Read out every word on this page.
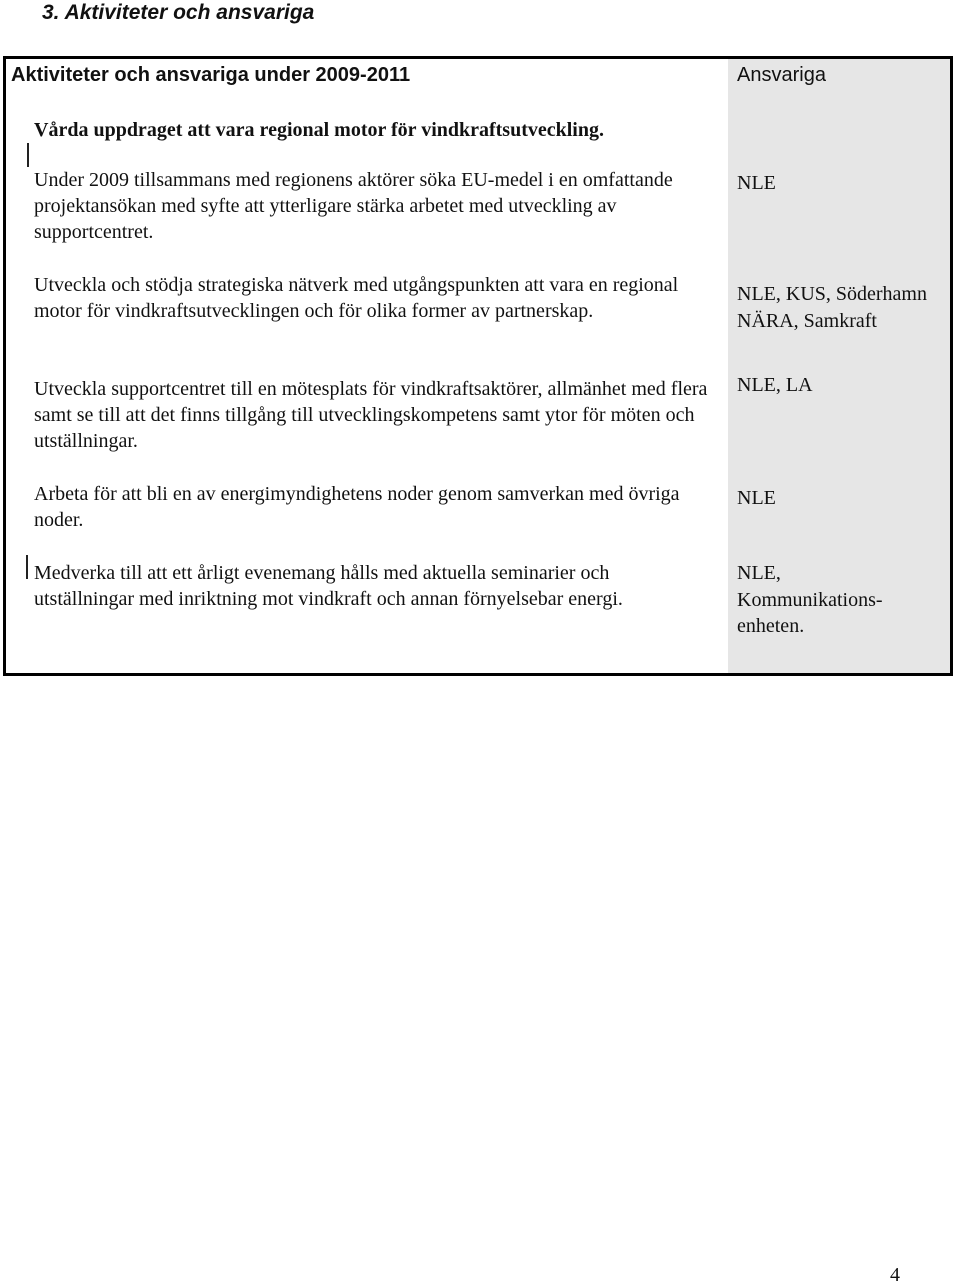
3. Aktiviteter och ansvariga
Aktiviteter och ansvariga under 2009-2011	Ansvariga
Vårda uppdraget att vara regional motor för vindkraftsutveckling.
Under 2009 tillsammans med regionens aktörer söka EU-medel i en omfattande projektansökan med syfte att ytterligare stärka arbetet med utveckling av supportcentret.
NLE
Utveckla och stödja strategiska nätverk med utgångspunkten att vara en regional motor för vindkraftsutvecklingen och för olika former av partnerskap.
NLE, KUS, Söderhamn NÄRA, Samkraft
Utveckla supportcentret till en mötesplats för vindkraftsaktörer, allmänhet med flera samt se till att det finns tillgång till utvecklingskompetens samt ytor för möten och utställningar.
NLE, LA
Arbeta för att bli en av energimyndighetens noder genom samverkan med övriga noder.
NLE
Medverka till att ett årligt evenemang hålls med aktuella seminarier och utställningar med inriktning mot vindkraft och annan förnyelsebar energi.
NLE, Kommunikations-enheten.
4
